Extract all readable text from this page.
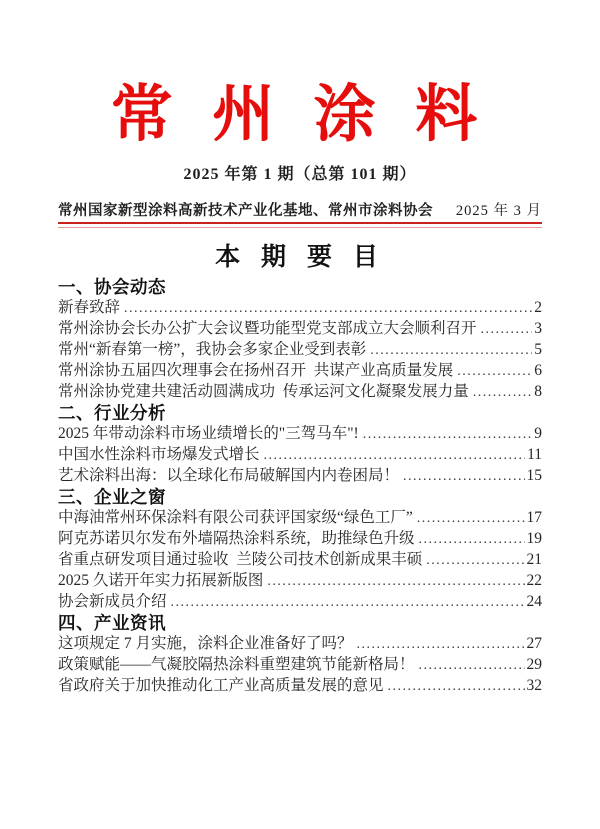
常 州 涂 料
2025 年第 1 期（总第 101 期）
常州国家新型涂料高新技术产业化基地、常州市涂料协会 2025 年 3 月
本 期 要 目
一、协会动态
新春致辞 .....	2
常州涂协会长办公扩大会议暨功能型党支部成立大会顺利召开 .....	3
常州“新春第一榜”，我协会多家企业受到表彰 .....	5
常州涂协五届四次理事会在扬州召开  共谋产业高质量发展 .....	6
常州涂协党建共建活动圆满成功  传承运河文化凝聚发展力量 .....	8
二、行业分析
2025 年带动涂料市场业绩增长的"三驾马车"! .....	9
中国水性涂料市场爆发式增长 .....	11
艺术涂料出海：以全球化布局破解国内内卷困局！ .....	15
三、企业之窗
中海油常州环保涂料有限公司获评国家级“绿色工厂” .....	17
阿克苏诺贝尔发布外墙隔热涂料系统，助推绿色升级 .....	19
省重点研发项目通过验收  兰陵公司技术创新成果丰硕 .....	21
2025 久诺开年实力拓展新版图 .....	22
协会新成员介绍 .....	24
四、产业资讯
这项规定 7 月实施，涂料企业准备好了吗？ .....	27
政策赋能——气凝胶隔热涂料重塑建筑节能新格局！ .....	29
省政府关于加快推动化工产业高质量发展的意见 .....	32
